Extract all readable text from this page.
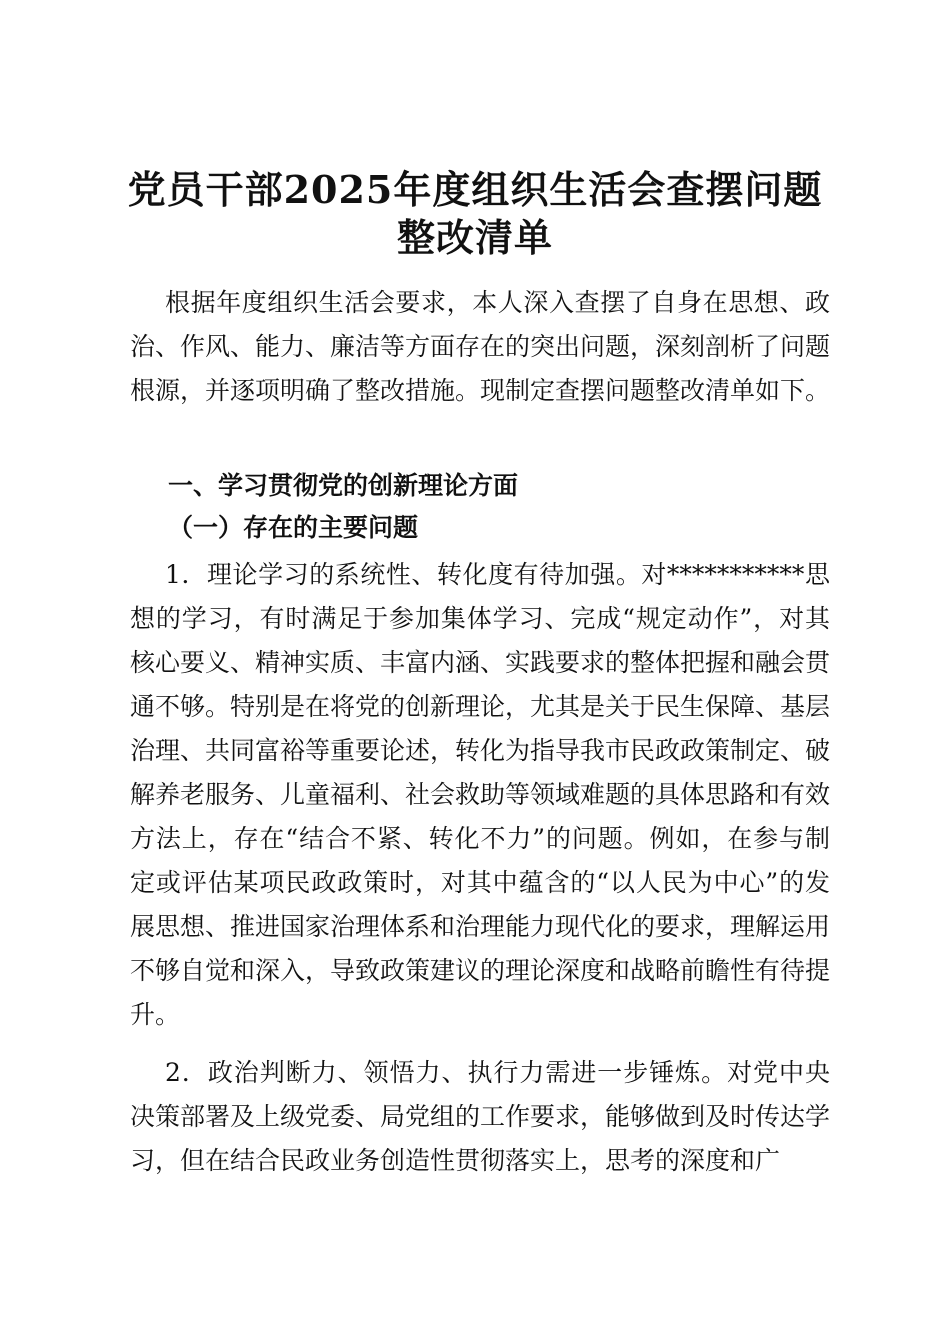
党员干部2025年度组织生活会查摆问题
整改清单

根据年度组织生活会要求，本人深入查摆了自身在思想、政治、作风、能力、廉洁等方面存在的突出问题，深刻剖析了问题根源，并逐项明确了整改措施。现制定查摆问题整改清单如下。

一、学习贯彻党的创新理论方面
（一）存在的主要问题

1．理论学习的系统性、转化度有待加强。对***********思想的学习，有时满足于参加集体学习、完成“规定动作”，对其核心要义、精神实质、丰富内涵、实践要求的整体把握和融会贯通不够。特别是在将党的创新理论，尤其是关于民生保障、基层治理、共同富裕等重要论述，转化为指导我市民政政策制定、破解养老服务、儿童福利、社会救助等领域难题的具体思路和有效方法上，存在“结合不紧、转化不力”的问题。例如，在参与制定或评估某项民政政策时，对其中蕴含的“以人民为中心”的发展思想、推进国家治理体系和治理能力现代化的要求，理解运用不够自觉和深入，导致政策建议的理论深度和战略前瞻性有待提升。

2．政治判断力、领悟力、执行力需进一步锤炼。对党中央决策部署及上级党委、局党组的工作要求，能够做到及时传达学习，但在结合民政业务创造性贯彻落实上，思考的深度和广
